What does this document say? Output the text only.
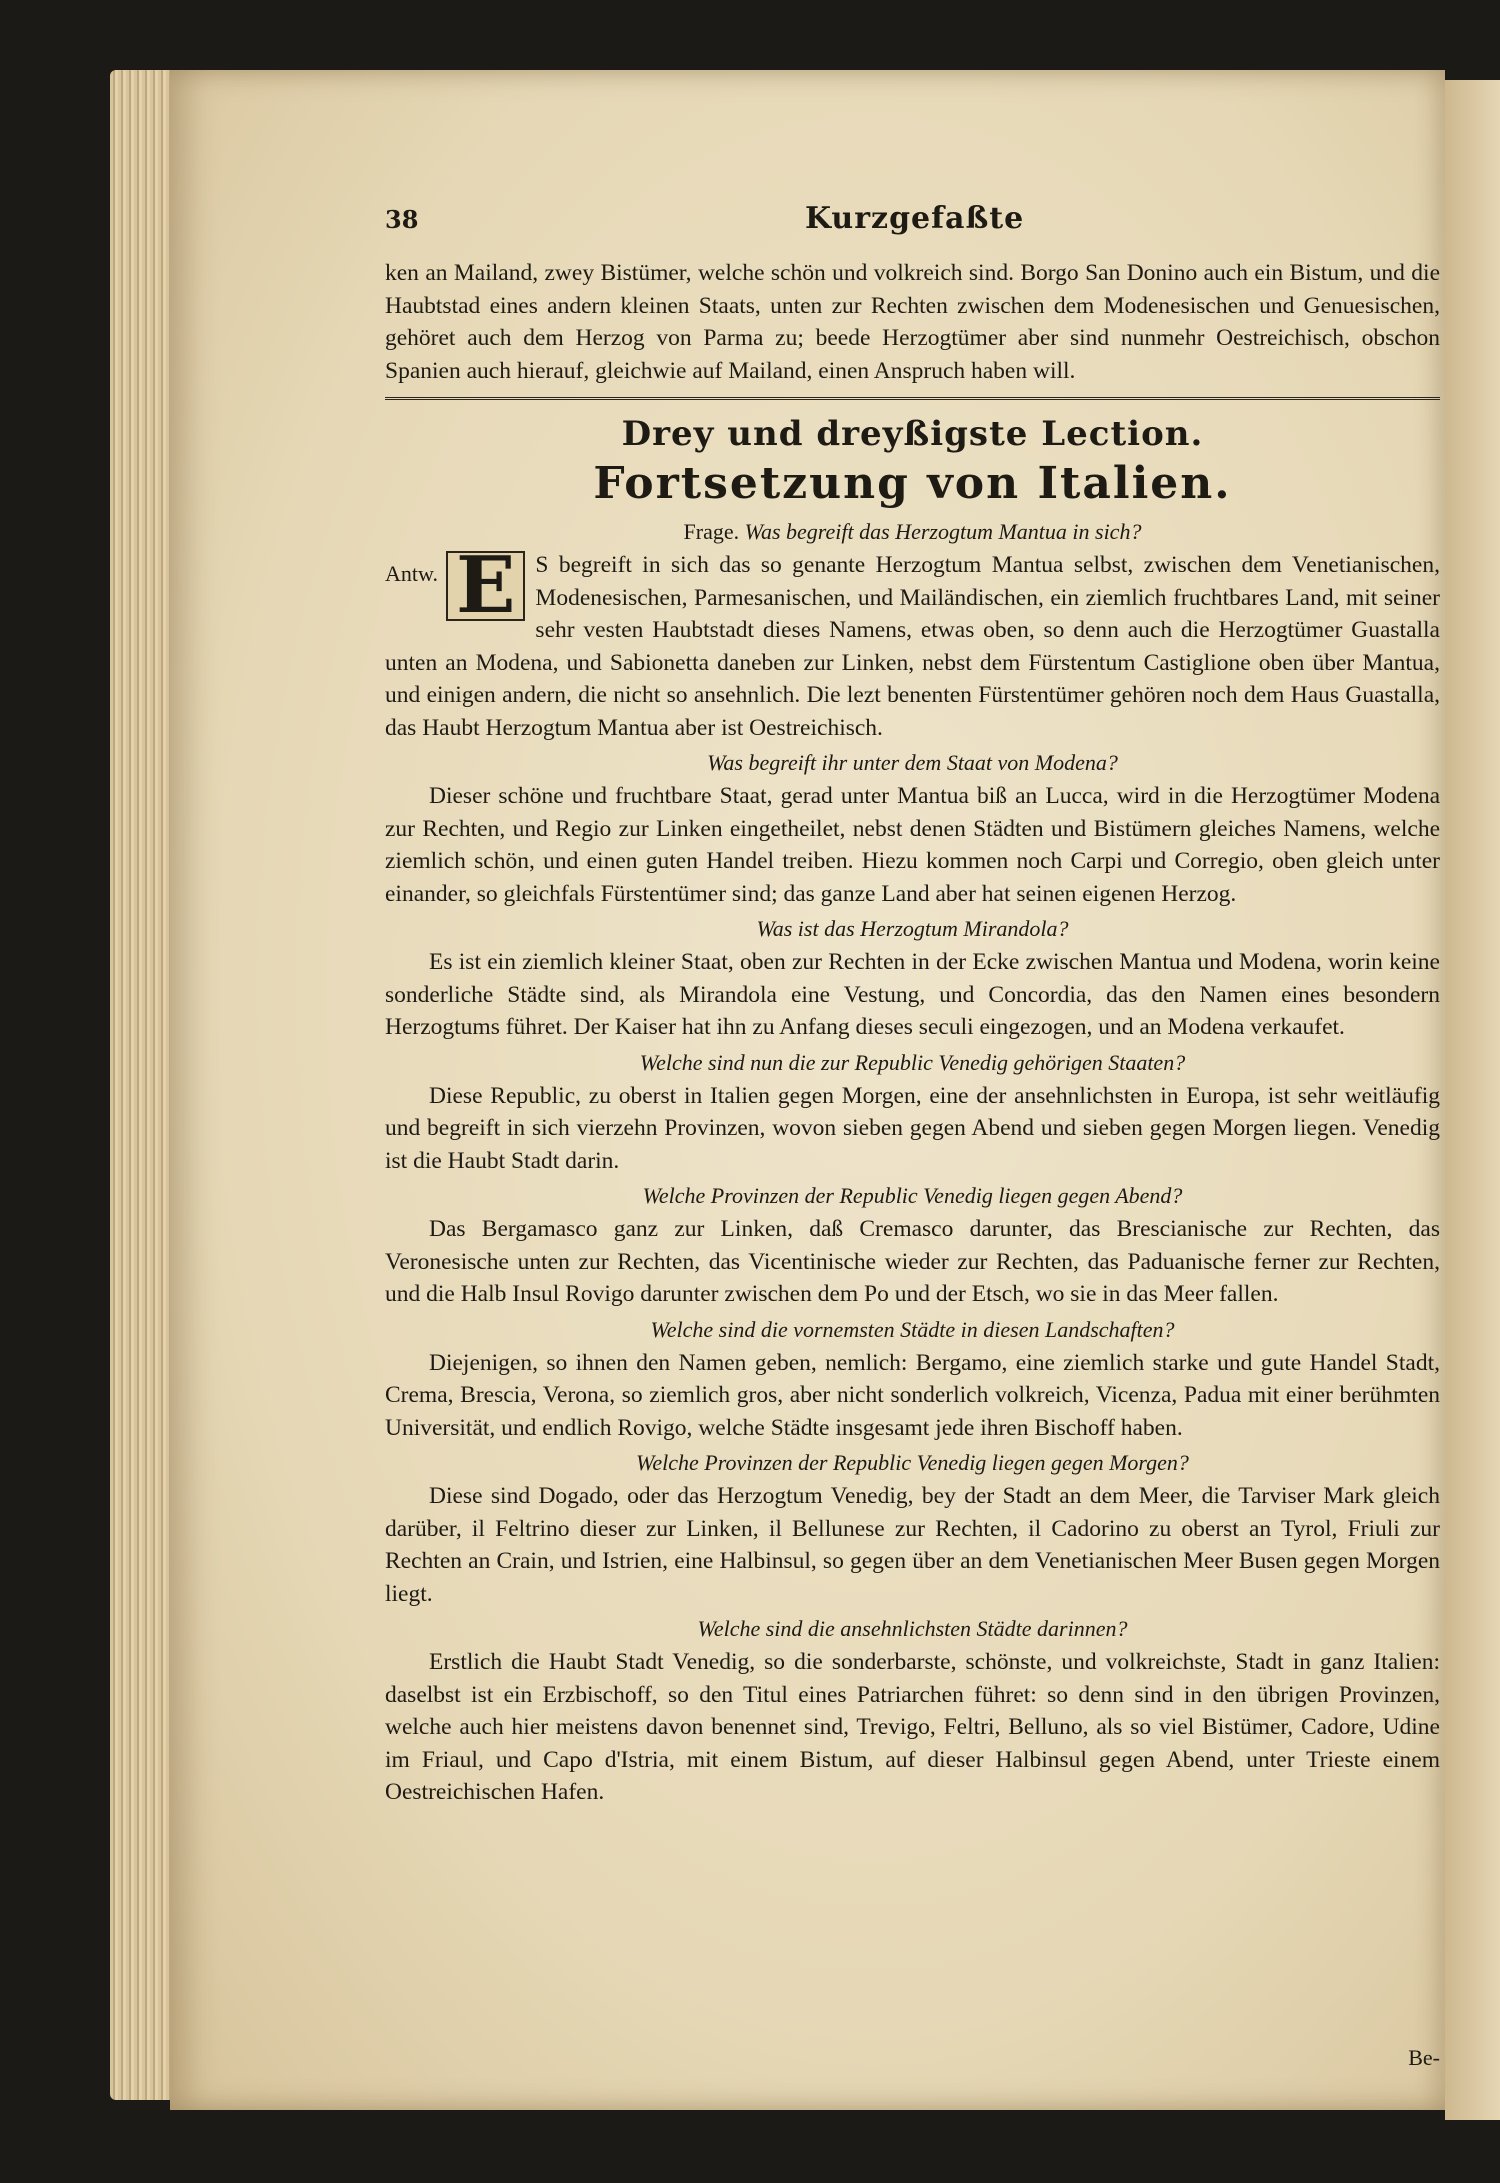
38	Kurzgefaßte

ken an Mailand, zwey Bistümer, welche schön und volkreich sind. Borgo San Donino auch ein Bistum, und die Haubtstad eines andern kleinen Staats, unten zur Rechten zwischen dem Modenesischen und Genuesischen, gehöret auch dem Herzog von Parma zu; beede Herzogtümer aber sind nunmehr Oestreichisch, obschon Spanien auch hierauf, gleichwie auf Mailand, einen Anspruch haben will.

Drey und dreyßigste Lection.
Fortsetzung von Italien.
Frage. Was begreift das Herzogtum Mantua in sich?
Antw. E S begreift in sich das so genante Herzogtum Mantua selbst, zwischen dem Venetianischen, Modenesischen, Parmesanischen, und Mailändischen, ein ziemlich fruchtbares Land, mit seiner sehr vesten Haubtstadt dieses Namens, etwas oben, so denn auch die Herzogtümer Guastalla unten an Modena, und Sabionetta daneben zur Linken, nebst dem Fürstentum Castiglione oben über Mantua, und einigen andern, die nicht so ansehnlich. Die lezt benenten Fürstentümer gehören noch dem Haus Guastalla, das Haubt Herzogtum Mantua aber ist Oestreichisch.

Was begreift ihr unter dem Staat von Modena?

Dieser schöne und fruchtbare Staat, gerad unter Mantua biß an Lucca, wird in die Herzogtümer Modena zur Rechten, und Regio zur Linken eingetheilet, nebst denen Städten und Bistümern gleiches Namens, welche ziemlich schön, und einen guten Handel treiben. Hiezu kommen noch Carpi und Corregio, oben gleich unter einander, so gleichfals Fürstentümer sind; das ganze Land aber hat seinen eigenen Herzog.

Was ist das Herzogtum Mirandola?

Es ist ein ziemlich kleiner Staat, oben zur Rechten in der Ecke zwischen Mantua und Modena, worin keine sonderliche Städte sind, als Mirandola eine Vestung, und Concordia, das den Namen eines besondern Herzogtums führet. Der Kaiser hat ihn zu Anfang dieses seculi eingezogen, und an Modena verkaufet.

Welche sind nun die zur Republic Venedig gehörigen Staaten?

Diese Republic, zu oberst in Italien gegen Morgen, eine der ansehnlichsten in Europa, ist sehr weitläufig und begreift in sich vierzehn Provinzen, wovon sieben gegen Abend und sieben gegen Morgen liegen. Venedig ist die Haubt Stadt darin.

Welche Provinzen der Republic Venedig liegen gegen Abend?

Das Bergamasco ganz zur Linken, daß Cremasco darunter, das Brescianische zur Rechten, das Veronesische unten zur Rechten, das Vicentinische wieder zur Rechten, das Paduanische ferner zur Rechten, und die Halb Insul Rovigo darunter zwischen dem Po und der Etsch, wo sie in das Meer fallen.

Welche sind die vornemsten Städte in diesen Landschaften?

Diejenigen, so ihnen den Namen geben, nemlich: Bergamo, eine ziemlich starke und gute Handel Stadt, Crema, Brescia, Verona, so ziemlich gros, aber nicht sonderlich volkreich, Vicenza, Padua mit einer berühmten Universität, und endlich Rovigo, welche Städte insgesamt jede ihren Bischoff haben.

Welche Provinzen der Republic Venedig liegen gegen Morgen?

Diese sind Dogado, oder das Herzogtum Venedig, bey der Stadt an dem Meer, die Tarviser Mark gleich darüber, il Feltrino dieser zur Linken, il Bellunese zur Rechten, il Cadorino zu oberst an Tyrol, Friuli zur Rechten an Crain, und Istrien, eine Halbinsul, so gegen über an dem Venetianischen Meer Busen gegen Morgen liegt.

Welche sind die ansehnlichsten Städte darinnen?

Erstlich die Haubt Stadt Venedig, so die sonderbarste, schönste, und volkreichste, Stadt in ganz Italien: daselbst ist ein Erzbischoff, so den Titul eines Patriarchen führet: so denn sind in den übrigen Provinzen, welche auch hier meistens davon benennet sind, Trevigo, Feltri, Belluno, als so viel Bistümer, Cadore, Udine im Friaul, und Capo d'Istria, mit einem Bistum, auf dieser Halbinsul gegen Abend, unter Trieste einem Oestreichischen Hafen.

Be-
